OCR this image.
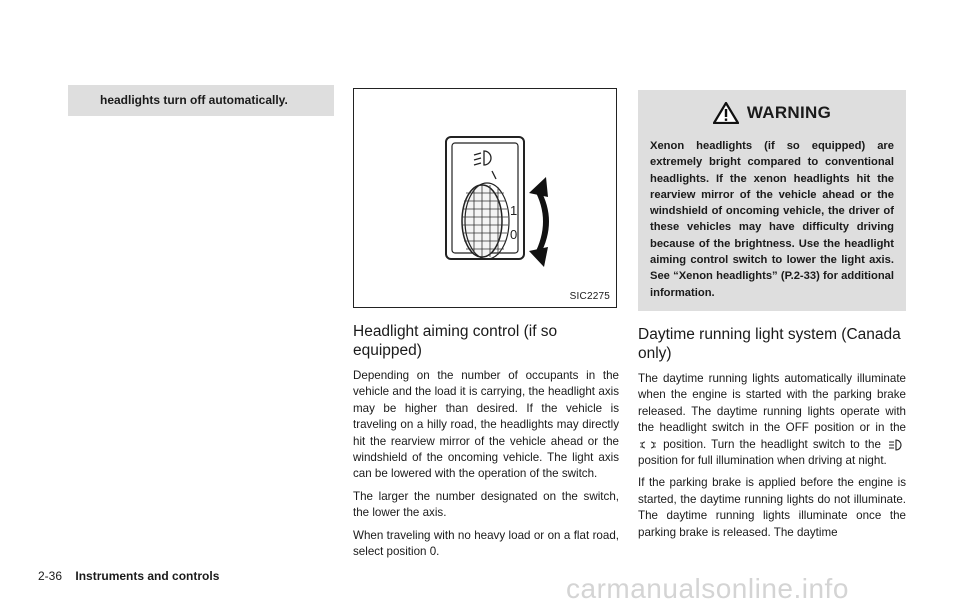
headlights turn off automatically.
1
0
SIC2275
Headlight aiming control (if so equipped)

Depending on the number of occupants in the vehicle and the load it is carrying, the headlight axis may be higher than desired. If the vehicle is traveling on a hilly road, the headlights may directly hit the rearview mirror of the vehicle ahead or the windshield of the oncoming vehicle. The light axis can be lowered with the operation of the switch.

The larger the number designated on the switch, the lower the axis.

When traveling with no heavy load or on a flat road, select position 0.

WARNING
Xenon headlights (if so equipped) are extremely bright compared to conventional headlights. If the xenon headlights hit the rearview mirror of the vehicle ahead or the windshield of oncoming vehicle, the driver of these vehicles may have difficulty driving because of the brightness. Use the headlight aiming control switch to lower the light axis. See “Xenon headlights” (P.2-33) for additional information.
Daytime running light system (Canada only)

The daytime running lights automatically illuminate when the engine is started with the parking brake released. The daytime running lights operate with the headlight switch in the OFF position or in the  position. Turn the headlight switch to the  position for full illumination when driving at night.

If the parking brake is applied before the engine is started, the daytime running lights do not illuminate. The daytime running lights illuminate once the parking brake is released. The daytime

2-36 Instruments and controls	carmanualsonline.info
